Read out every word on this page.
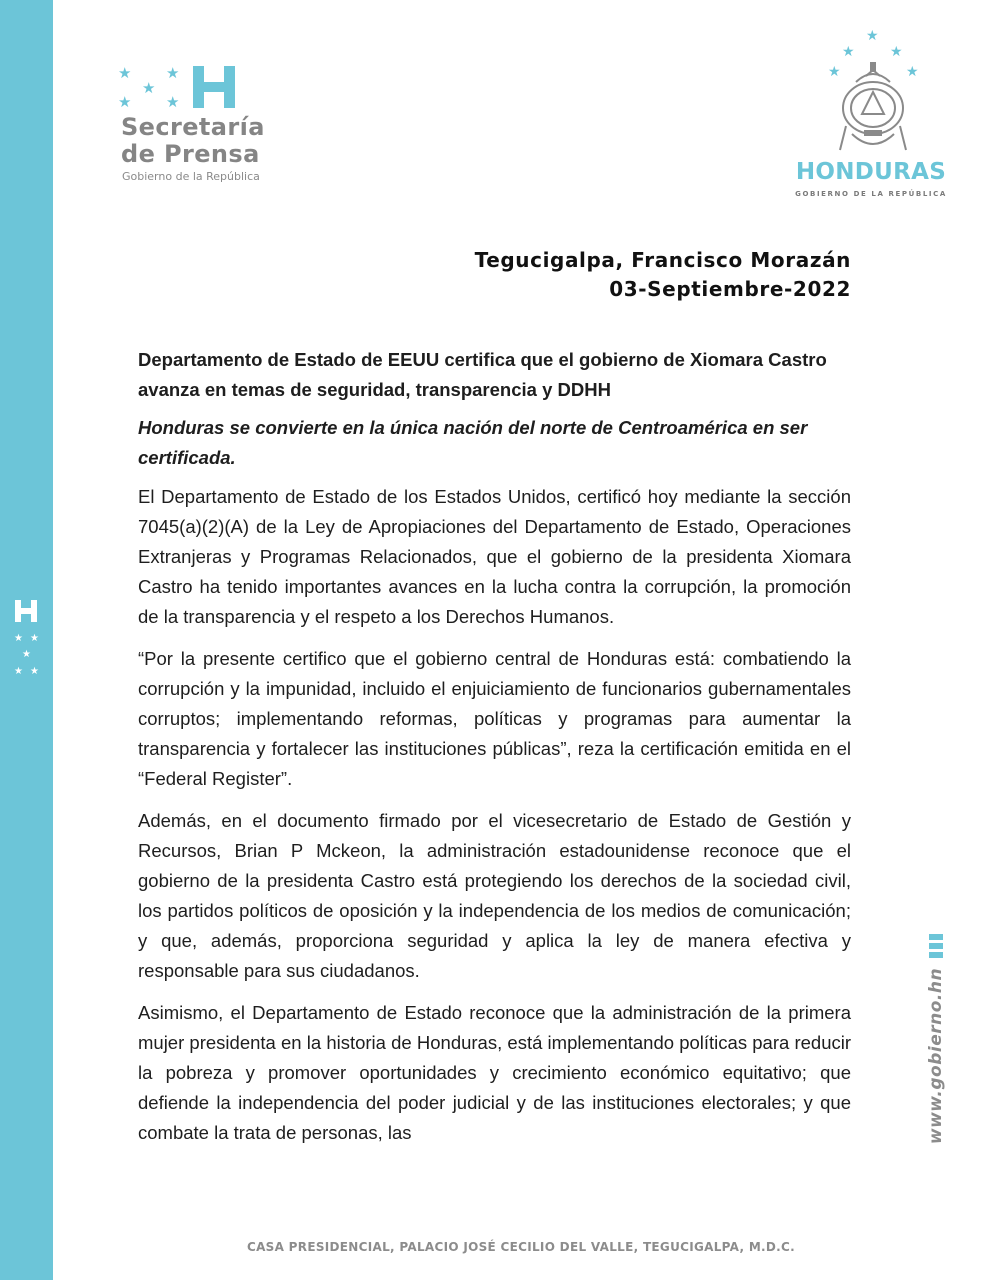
★ ★
★
★ ★
★ ★
★
★ ★
Secretaría
de Prensa
Gobierno de la República
★
★	★
★	★
HONDURAS
GOBIERNO DE LA REPÚBLICA
Tegucigalpa, Francisco Morazán
03-Septiembre-2022

Departamento de Estado de EEUU certifica que el gobierno de Xiomara Castro avanza en temas de seguridad, transparencia y DDHH

Honduras se convierte en la única nación del norte de Centroamérica en ser certificada.

El Departamento de Estado de los Estados Unidos, certificó hoy mediante la sección 7045(a)(2)(A) de la Ley de Apropiaciones del Departamento de Estado, Operaciones Extranjeras y Programas Relacionados, que el gobierno de la presidenta Xiomara Castro ha tenido importantes avances en la lucha contra la corrupción, la promoción de la transparencia y el respeto a los Derechos Humanos.

“Por la presente certifico que el gobierno central de Honduras está: combatiendo la corrupción y la impunidad, incluido el enjuiciamiento de funcionarios gubernamentales corruptos; implementando reformas, políticas y programas para aumentar la transparencia y fortalecer las instituciones públicas”, reza la certificación emitida en el “Federal Register”.

Además, en el documento firmado por el vicesecretario de Estado de Gestión y Recursos, Brian P Mckeon, la administración estadounidense reconoce que el gobierno de la presidenta Castro está protegiendo los derechos de la sociedad civil, los partidos políticos de oposición y la independencia de los medios de comunicación; y que, además, proporciona seguridad y aplica la ley de manera efectiva y responsable para sus ciudadanos.

Asimismo, el Departamento de Estado reconoce que la administración de la primera mujer presidenta en la historia de Honduras, está implementando políticas para reducir la pobreza y promover oportunidades y crecimiento económico equitativo; que defiende la independencia del poder judicial y de las instituciones electorales; y que combate la trata de personas, las	www.gobierno.hn
CASA PRESIDENCIAL, PALACIO JOSÉ CECILIO DEL VALLE, TEGUCIGALPA, M.D.C.
